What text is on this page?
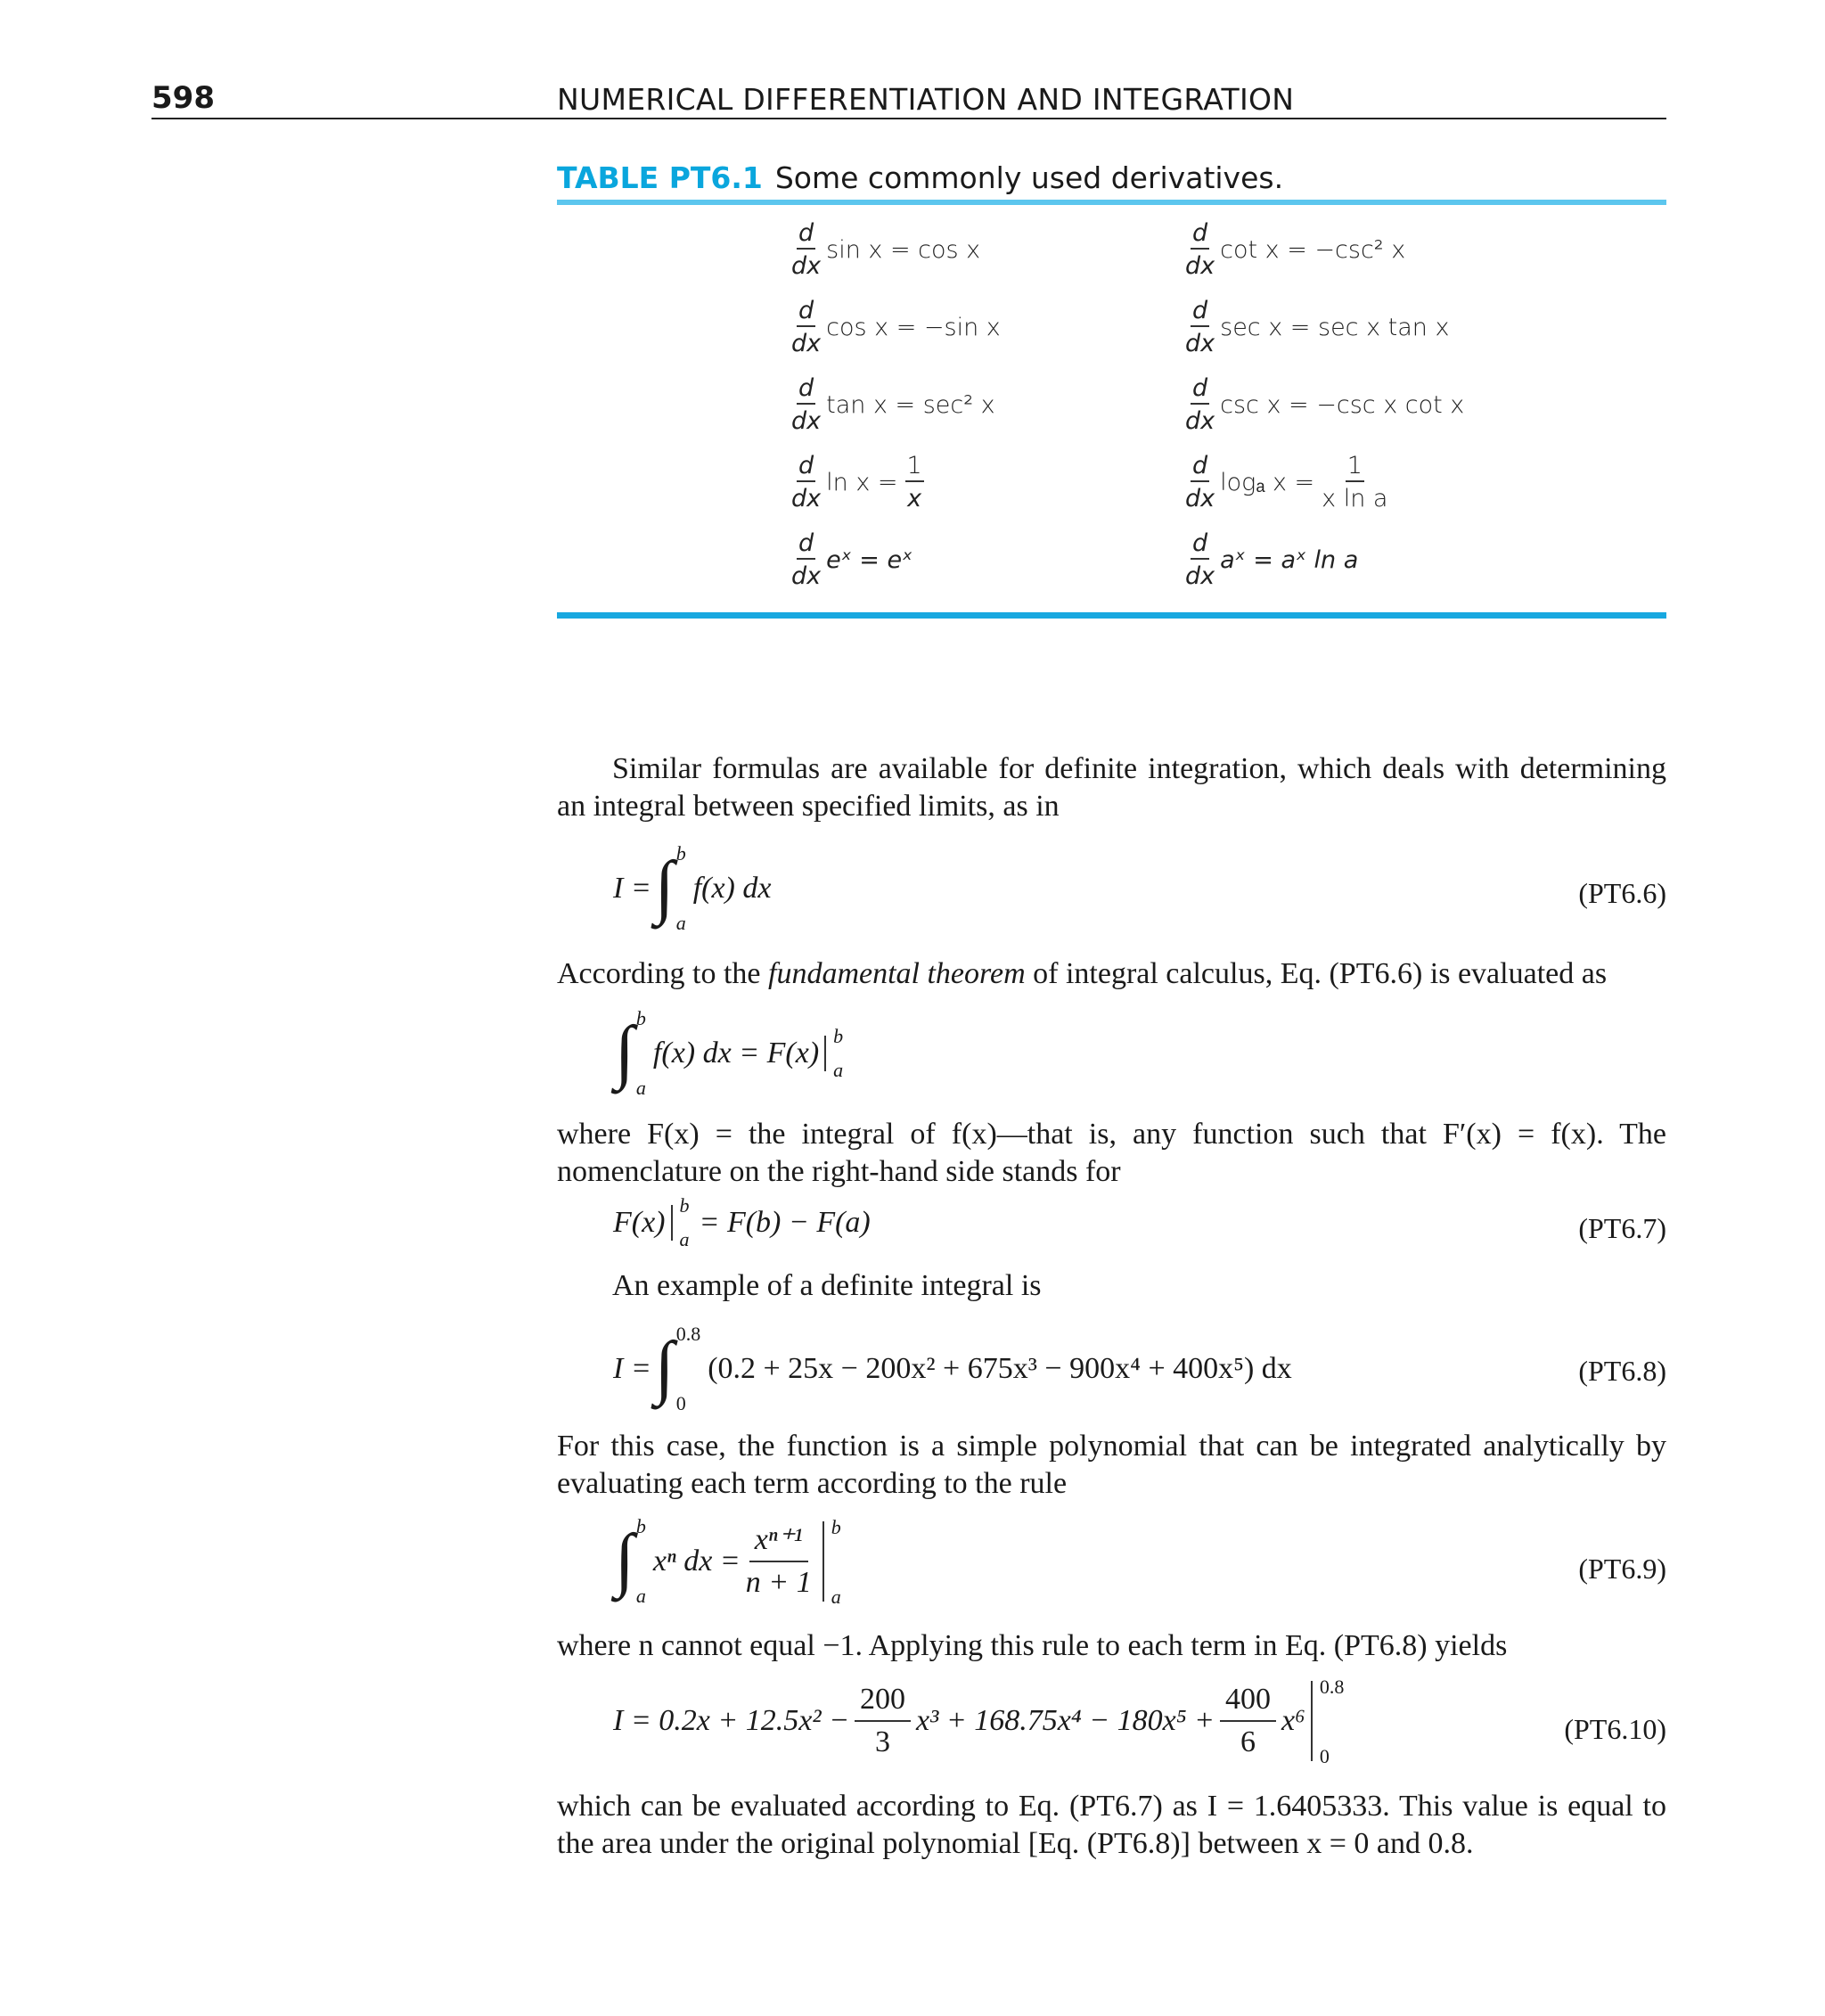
598	NUMERICAL DIFFERENTIATION AND INTEGRATION
TABLE PT6.1 Some commonly used derivatives.
$\frac{d}{dx}$ sin x = cos x	$\frac{d}{dx}$ cot x = −csc² x
$\frac{d}{dx}$ cos x = −sin x	$\frac{d}{dx}$ sec x = sec x tan x
$\frac{d}{dx}$ tan x = sec² x	$\frac{d}{dx}$ csc x = −csc x cot x
$\frac{d}{dx}$ $\ln x = \frac{1}{x}$	$\frac{d}{dx}$ logₐ $x = \frac{1}{\text{x ln a}}$
$\frac{d}{dx}$ eˣ = eˣ	$\frac{d}{dx}$ aˣ = aˣ ln a

Similar formulas are available for definite integration, which deals with determining an integral between specified limits, as in

I = ∫ b
a
f(x) dx	(PT6.6)

According to the fundamental theorem of integral calculus, Eq. (PT6.6) is evaluated as

∫ b
a
f(x) dx = F(x)
b
a

where F(x) = the integral of f(x)—that is, any function such that F′(x) = f(x). The nomenclature on the right-hand side stands for

F(x)
b
a
= F(b) − F(a)	(PT6.7)

An example of a definite integral is

I = ∫ 0.8
0
(0.2 + 25x − 200x² + 675x³ − 900x⁴ + 400x⁵) dx	(PT6.8)

For this case, the function is a simple polynomial that can be integrated analytically by evaluating each term according to the rule

∫ b
a
xⁿ dx = $\frac{\text{xⁿ⁺¹}}{n + 1}$ b
a
(PT6.9)

where n cannot equal −1. Applying this rule to each term in Eq. (PT6.8) yields

$I = 0.2x + 12.5x^2 - \frac{200}{3} x^3 + 168.75x^4 - 180x^5 + \frac{400}{6} x^6$
0.8
0
(PT6.10)

which can be evaluated according to Eq. (PT6.7) as I = 1.6405333. This value is equal to the area under the original polynomial [Eq. (PT6.8)] between x = 0 and 0.8.
